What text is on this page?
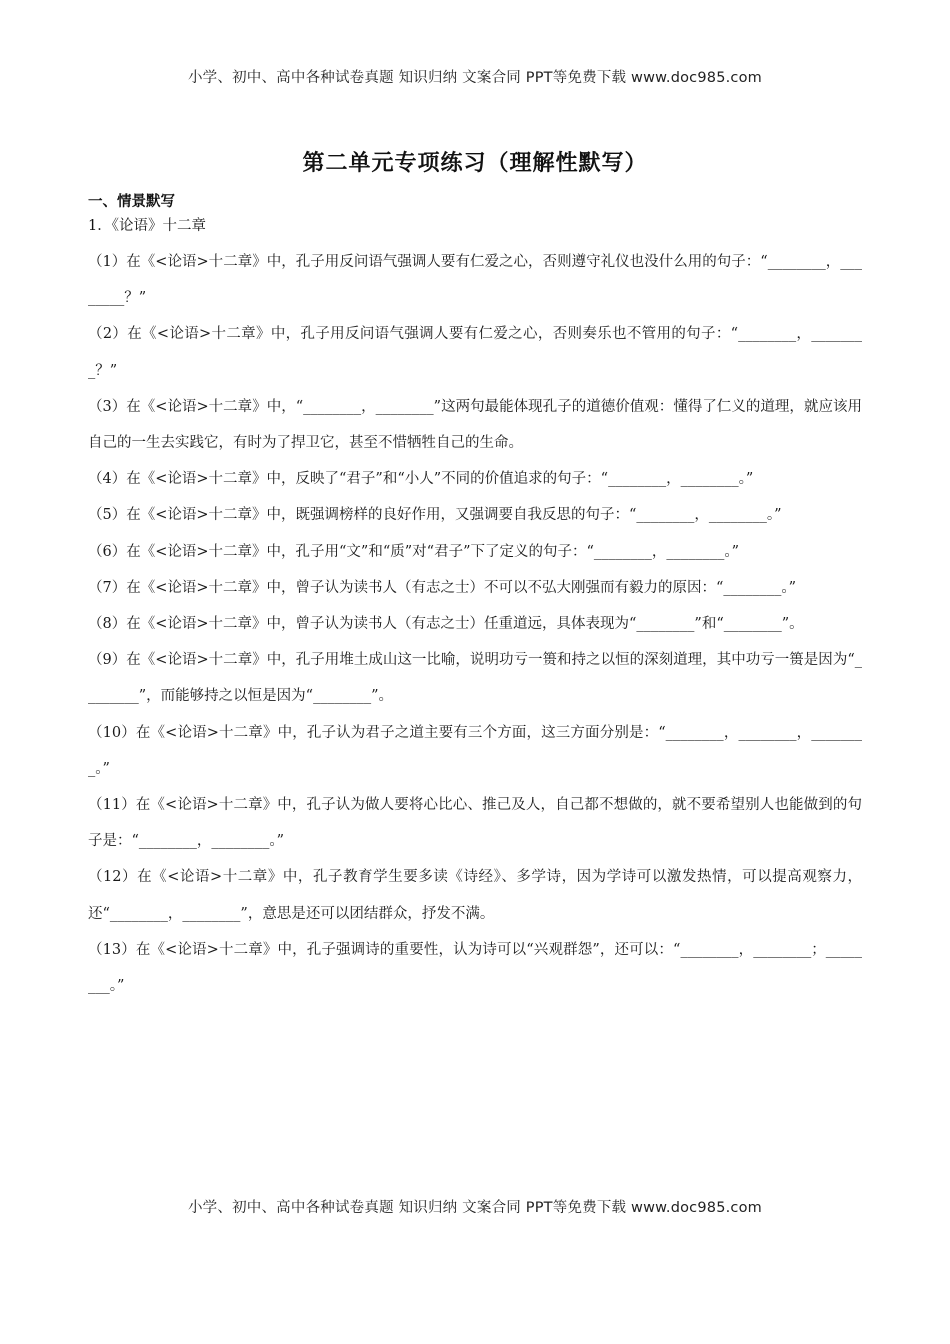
小学、初中、高中各种试卷真题 知识归纳 文案合同 PPT等免费下载 www.doc985.com
第二单元专项练习（理解性默写）
一、情景默写
1．《论语》十二章

（1）在《<论语>十二章》中，孔子用反问语气强调人要有仁爱之心，否则遵守礼仪也没什么用的句子：“________，________？”

（2）在《<论语>十二章》中，孔子用反问语气强调人要有仁爱之心，否则奏乐也不管用的句子：“________，________？”

（3）在《<论语>十二章》中，“________，________”这两句最能体现孔子的道德价值观：懂得了仁义的道理，就应该用自己的一生去实践它，有时为了捍卫它，甚至不惜牺牲自己的生命。

（4）在《<论语>十二章》中，反映了“君子”和“小人”不同的价值追求的句子：“________，________。”

（5）在《<论语>十二章》中，既强调榜样的良好作用，又强调要自我反思的句子：“________，________。”

（6）在《<论语>十二章》中，孔子用“文”和“质”对“君子”下了定义的句子：“________，________。”

（7）在《<论语>十二章》中，曾子认为读书人（有志之士）不可以不弘大刚强而有毅力的原因：“________。”

（8）在《<论语>十二章》中，曾子认为读书人（有志之士）任重道远，具体表现为“________”和“________”。

（9）在《<论语>十二章》中，孔子用堆土成山这一比喻，说明功亏一篑和持之以恒的深刻道理，其中功亏一篑是因为“________”，而能够持之以恒是因为“________”。

（10）在《<论语>十二章》中，孔子认为君子之道主要有三个方面，这三方面分别是：“________，________，________。”

（11）在《<论语>十二章》中，孔子认为做人要将心比心、推己及人，自己都不想做的，就不要希望别人也能做到的句子是：“________，________。”

（12）在《<论语>十二章》中，孔子教育学生要多读《诗经》、多学诗，因为学诗可以激发热情，可以提高观察力，还“________，________”，意思是还可以团结群众，抒发不满。

（13）在《<论语>十二章》中，孔子强调诗的重要性，认为诗可以“兴观群怨”，还可以：“________，________；________。”

小学、初中、高中各种试卷真题 知识归纳 文案合同 PPT等免费下载 www.doc985.com
